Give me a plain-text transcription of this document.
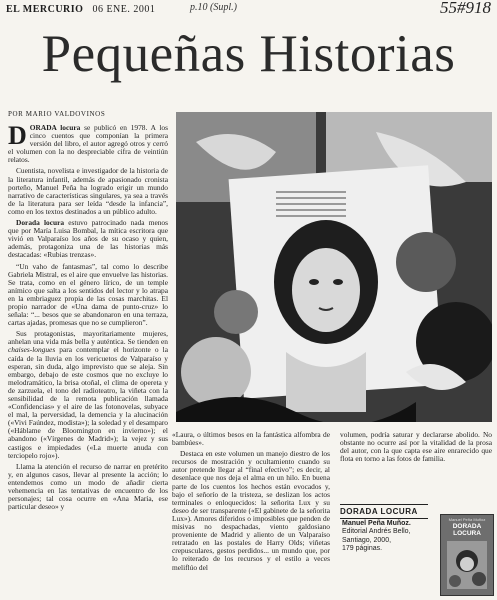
EL MERCURIO 06 ENE. 2001	p.10 (Supl.)	55#918
Pequeñas Historias
POR MARIO VALDOVINOS

DORADA locura se publicó en 1978. A los cinco cuentos que componían la primera versión del libro, el autor agregó otros y cerró el volumen con la no despreciable cifra de veintiún relatos.

Cuentista, novelista e investigador de la historia de la literatura infantil, además de apasionado cronista porteño, Manuel Peña ha logrado erigir un mundo narrativo de características singulares, ya sea a través de la literatura para ser leída “desde la infancia”, como en los textos destinados a un público adulto.

Dorada locura estuvo patrocinado nada menos que por María Luisa Bombal, la mítica escritora que vivió en Valparaíso los años de su ocaso y quien, además, protagoniza una de las historias más destacadas: «Rubias trenzas».

“Un vaho de fantasmas”, tal como lo describe Gabriela Mistral, es el aire que envuelve las historias. Se trata, como en el género lírico, de un temple anímico que salta a los sentidos del lector y lo atrapa en la embriaguez propia de las cosas marchitas. El propio narrador de «Una dama de punto-cruz» lo señala: “... besos que se abandonaron en una terraza, cartas ajadas, promesas que no se cumplieron”.

Sus protagonistas, mayoritariamente mujeres, anhelan una vida más bella y auténtica. Se tienden en chaises-longues para contemplar el horizonte o la caída de la lluvia en los vericuetos de Valparaíso y esperan, sin duda, algo imprevisto que se aleja. Sin embargo, debajo de este cosmos que no excluye lo melodramático, la brisa otoñal, el clima de opereta y de zarzuela, el tono del radioteatro, la viñeta con la sensibilidad de la remota publicación llamada «Confidencias» y el aire de las fotonovelas, subyace el mal, la perversidad, la demencia y la alucinación («Vivi Faúndez, modista»); la soledad y el desamparo («Háblame de Bloomington en invierno»); el abandono («Vírgenes de Madrid»); la vejez y sus castigos e impiedades («La muerte anuda con terciopelo rojo»).

Llama la atención el recurso de narrar en pretérito y, en algunos casos, llevar al presente la acción; lo entendemos como un modo de añadir cierta vehemencia en las tentativas de encuentro de los personajes; tal cosa ocurre en «Ana María, ese particular deseo» y

«Laura, o últimos besos en la fantástica alfombra de bambúes».

Destaca en este volumen un manejo diestro de los recursos de mostración y ocultamiento cuando su autor pretende llegar al “final efectivo”; es decir, al desenlace que nos deja el alma en un hilo. En buena parte de los cuentos los hechos están evocados y, bajo el señorío de la tristeza, se deslizan los actos terminales o enloquecidos: la señorita Lux y su deseo de ser transparente («El gabinete de la señorita Lux»). Amores diferidos o imposibles que penden de misivas no despachadas, viento galdosiano proveniente de Madrid y aliento de un Valparaíso retratado en las postales de Harry Olds; viñetas crepusculares, gestos perdidos... un mundo que, por lo reiterado de los recursos y el estilo a veces meliflúo del

volumen, podría saturar y declararse abolido. No obstante no ocurre así por la vitalidad de la prosa del autor, con la que capta ese aire enrarecido que flota en torno a las fotos de familia.

DORADA LOCURA
Manuel Peña Muñoz.
Editorial Andrés Bello,
Santiago, 2000,
179 páginas.
Manuel Peña Muñoz
DORADA
LOCURA
